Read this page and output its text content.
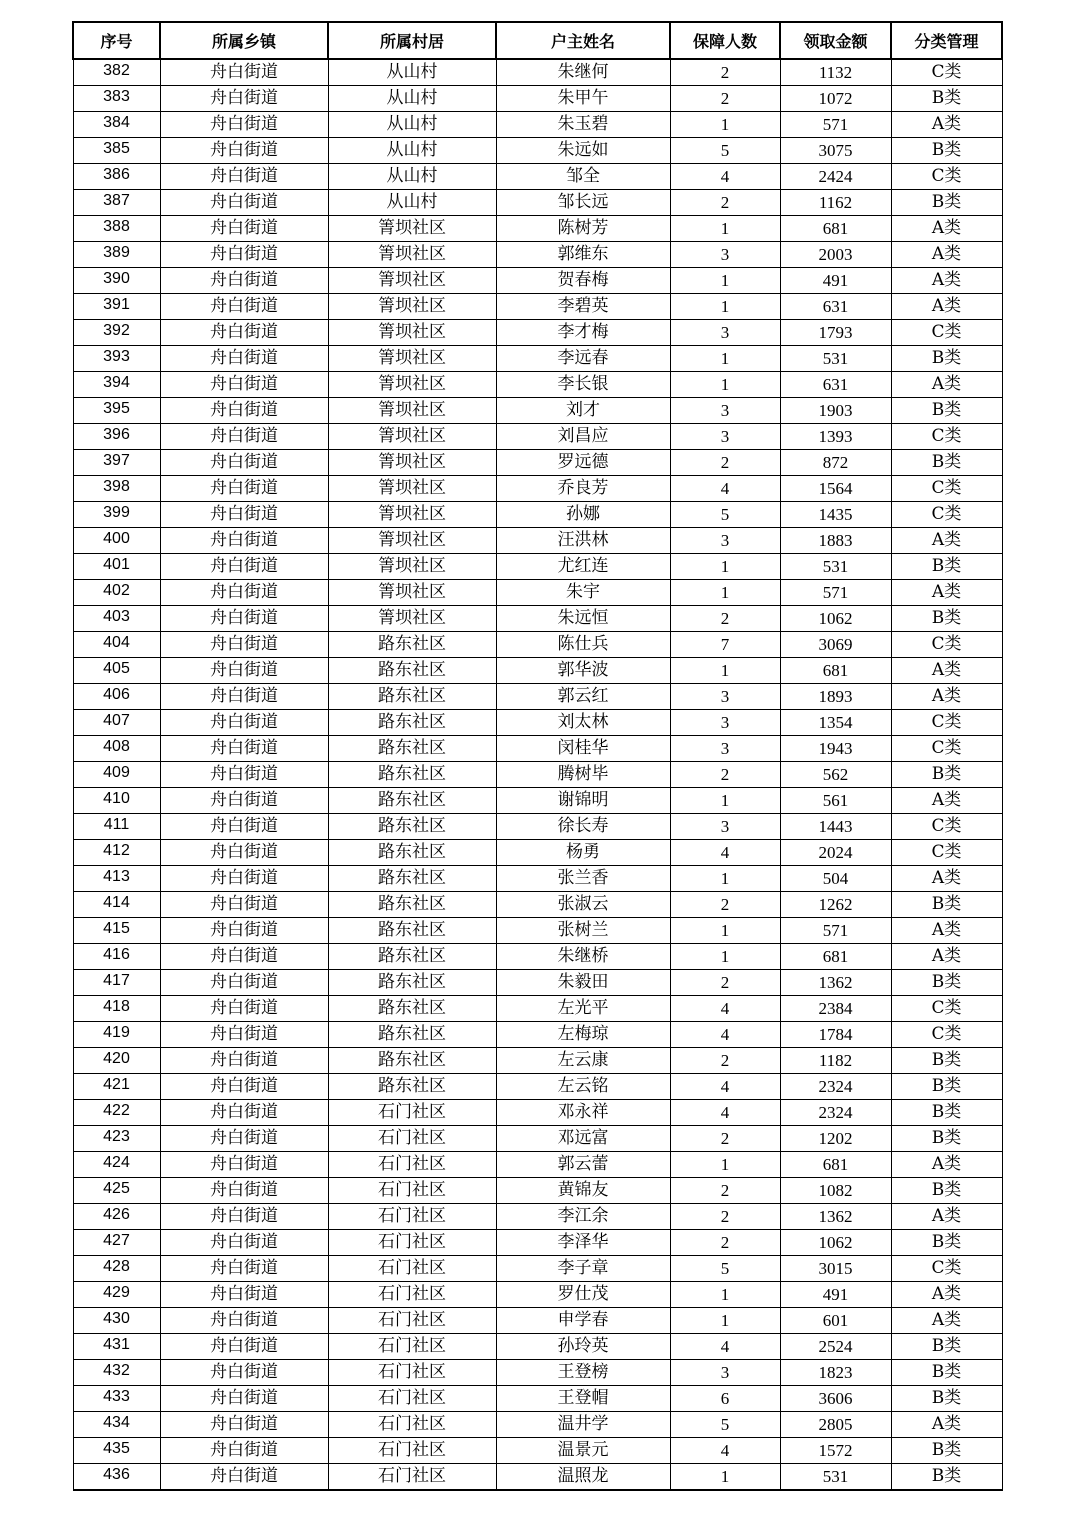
序号	所属乡镇	所属村居	户主姓名	保障人数	领取金额	分类管理
382	舟白街道	从山村	朱继何	2	1132	C类
383	舟白街道	从山村	朱甲午	2	1072	B类
384	舟白街道	从山村	朱玉碧	1	571	A类
385	舟白街道	从山村	朱远如	5	3075	B类
386	舟白街道	从山村	邹全	4	2424	C类
387	舟白街道	从山村	邹长远	2	1162	B类
388	舟白街道	箐坝社区	陈树芳	1	681	A类
389	舟白街道	箐坝社区	郭维东	3	2003	A类
390	舟白街道	箐坝社区	贺春梅	1	491	A类
391	舟白街道	箐坝社区	李碧英	1	631	A类
392	舟白街道	箐坝社区	李才梅	3	1793	C类
393	舟白街道	箐坝社区	李远春	1	531	B类
394	舟白街道	箐坝社区	李长银	1	631	A类
395	舟白街道	箐坝社区	刘才	3	1903	B类
396	舟白街道	箐坝社区	刘昌应	3	1393	C类
397	舟白街道	箐坝社区	罗远德	2	872	B类
398	舟白街道	箐坝社区	乔良芳	4	1564	C类
399	舟白街道	箐坝社区	孙娜	5	1435	C类
400	舟白街道	箐坝社区	汪洪林	3	1883	A类
401	舟白街道	箐坝社区	尤红连	1	531	B类
402	舟白街道	箐坝社区	朱宇	1	571	A类
403	舟白街道	箐坝社区	朱远恒	2	1062	B类
404	舟白街道	路东社区	陈仕兵	7	3069	C类
405	舟白街道	路东社区	郭华波	1	681	A类
406	舟白街道	路东社区	郭云红	3	1893	A类
407	舟白街道	路东社区	刘太林	3	1354	C类
408	舟白街道	路东社区	闵桂华	3	1943	C类
409	舟白街道	路东社区	腾树毕	2	562	B类
410	舟白街道	路东社区	谢锦明	1	561	A类
411	舟白街道	路东社区	徐长寿	3	1443	C类
412	舟白街道	路东社区	杨勇	4	2024	C类
413	舟白街道	路东社区	张兰香	1	504	A类
414	舟白街道	路东社区	张淑云	2	1262	B类
415	舟白街道	路东社区	张树兰	1	571	A类
416	舟白街道	路东社区	朱继桥	1	681	A类
417	舟白街道	路东社区	朱毅田	2	1362	B类
418	舟白街道	路东社区	左光平	4	2384	C类
419	舟白街道	路东社区	左梅琼	4	1784	C类
420	舟白街道	路东社区	左云康	2	1182	B类
421	舟白街道	路东社区	左云铭	4	2324	B类
422	舟白街道	石门社区	邓永祥	4	2324	B类
423	舟白街道	石门社区	邓远富	2	1202	B类
424	舟白街道	石门社区	郭云蕾	1	681	A类
425	舟白街道	石门社区	黄锦友	2	1082	B类
426	舟白街道	石门社区	李江余	2	1362	A类
427	舟白街道	石门社区	李泽华	2	1062	B类
428	舟白街道	石门社区	李子章	5	3015	C类
429	舟白街道	石门社区	罗仕茂	1	491	A类
430	舟白街道	石门社区	申学春	1	601	A类
431	舟白街道	石门社区	孙玲英	4	2524	B类
432	舟白街道	石门社区	王登榜	3	1823	B类
433	舟白街道	石门社区	王登帽	6	3606	B类
434	舟白街道	石门社区	温井学	5	2805	A类
435	舟白街道	石门社区	温景元	4	1572	B类
436	舟白街道	石门社区	温照龙	1	531	B类
